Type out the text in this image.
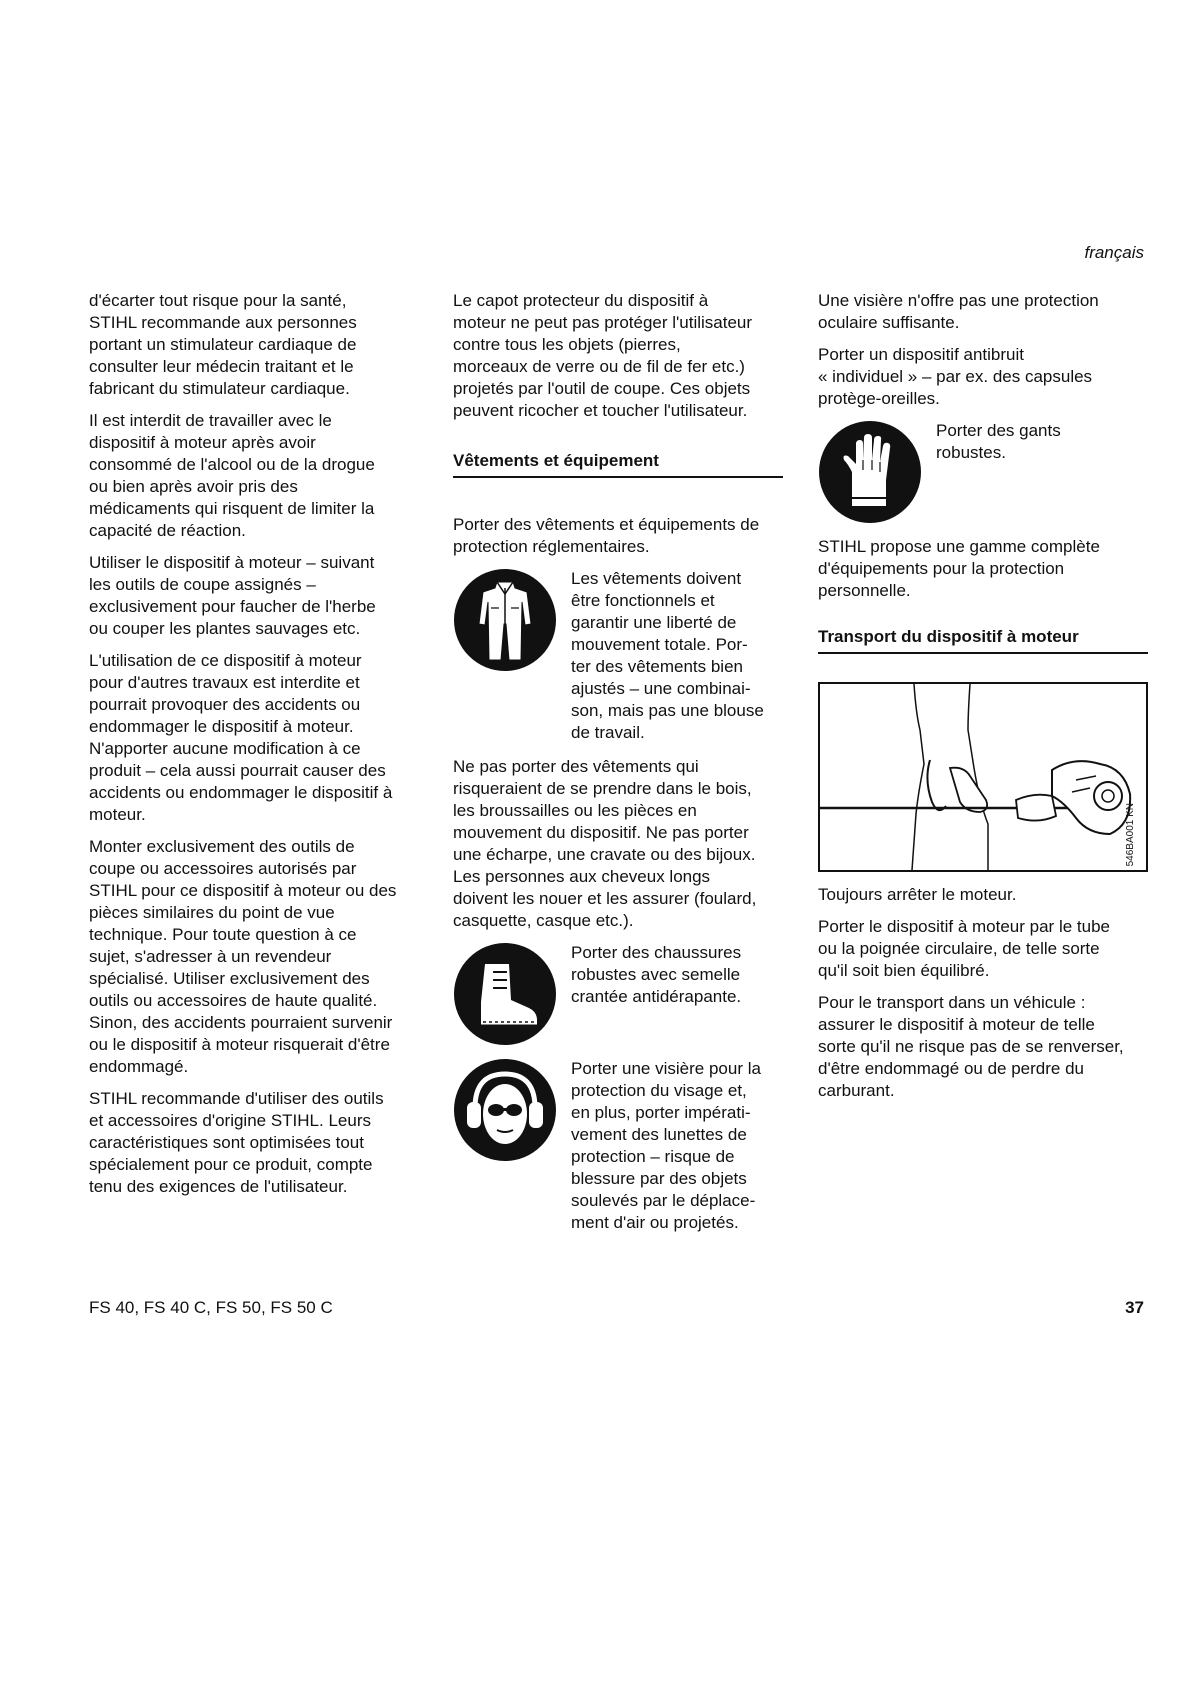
français

d'écarter tout risque pour la santé,
STIHL recommande aux personnes
portant un stimulateur cardiaque de
consulter leur médecin traitant et le
fabricant du stimulateur cardiaque.

Il est interdit de travailler avec le
dispositif à moteur après avoir
consommé de l'alcool ou de la drogue
ou bien après avoir pris des
médicaments qui risquent de limiter la
capacité de réaction.

Utiliser le dispositif à moteur – suivant
les outils de coupe assignés –
exclusivement pour faucher de l'herbe
ou couper les plantes sauvages etc.

L'utilisation de ce dispositif à moteur
pour d'autres travaux est interdite et
pourrait provoquer des accidents ou
endommager le dispositif à moteur.
N'apporter aucune modification à ce
produit – cela aussi pourrait causer des
accidents ou endommager le dispositif à
moteur.

Monter exclusivement des outils de
coupe ou accessoires autorisés par
STIHL pour ce dispositif à moteur ou des
pièces similaires du point de vue
technique. Pour toute question à ce
sujet, s'adresser à un revendeur
spécialisé. Utiliser exclusivement des
outils ou accessoires de haute qualité.
Sinon, des accidents pourraient survenir
ou le dispositif à moteur risquerait d'être
endommagé.

STIHL recommande d'utiliser des outils
et accessoires d'origine STIHL. Leurs
caractéristiques sont optimisées tout
spécialement pour ce produit, compte
tenu des exigences de l'utilisateur.

Le capot protecteur du dispositif à
moteur ne peut pas protéger l'utilisateur
contre tous les objets (pierres,
morceaux de verre ou de fil de fer etc.)
projetés par l'outil de coupe. Ces objets
peuvent ricocher et toucher l'utilisateur.

Vêtements et équipement

Porter des vêtements et équipements de
protection réglementaires.

Les vêtements doivent
être fonctionnels et
garantir une liberté de
mouvement totale. Por-
ter des vêtements bien
ajustés – une combinai-
son, mais pas une blouse
de travail.

Ne pas porter des vêtements qui
risqueraient de se prendre dans le bois,
les broussailles ou les pièces en
mouvement du dispositif. Ne pas porter
une écharpe, une cravate ou des bijoux.
Les personnes aux cheveux longs
doivent les nouer et les assurer (foulard,
casquette, casque etc.).

Porter des chaussures
robustes avec semelle
crantée antidérapante.

Porter une visière pour la
protection du visage et,
en plus, porter impérati-
vement des lunettes de
protection – risque de
blessure par des objets
soulevés par le déplace-
ment d'air ou projetés.

Une visière n'offre pas une protection
oculaire suffisante.

Porter un dispositif antibruit
« individuel » – par ex. des capsules
protège-oreilles.

Porter des gants
robustes.

STIHL propose une gamme complète
d'équipements pour la protection
personnelle.

Transport du dispositif à moteur
546BA001 KN

Toujours arrêter le moteur.

Porter le dispositif à moteur par le tube
ou la poignée circulaire, de telle sorte
qu'il soit bien équilibré.

Pour le transport dans un véhicule :
assurer le dispositif à moteur de telle
sorte qu'il ne risque pas de se renverser,
d'être endommagé ou de perdre du
carburant.

FS 40, FS 40 C, FS 50, FS 50 C	37
